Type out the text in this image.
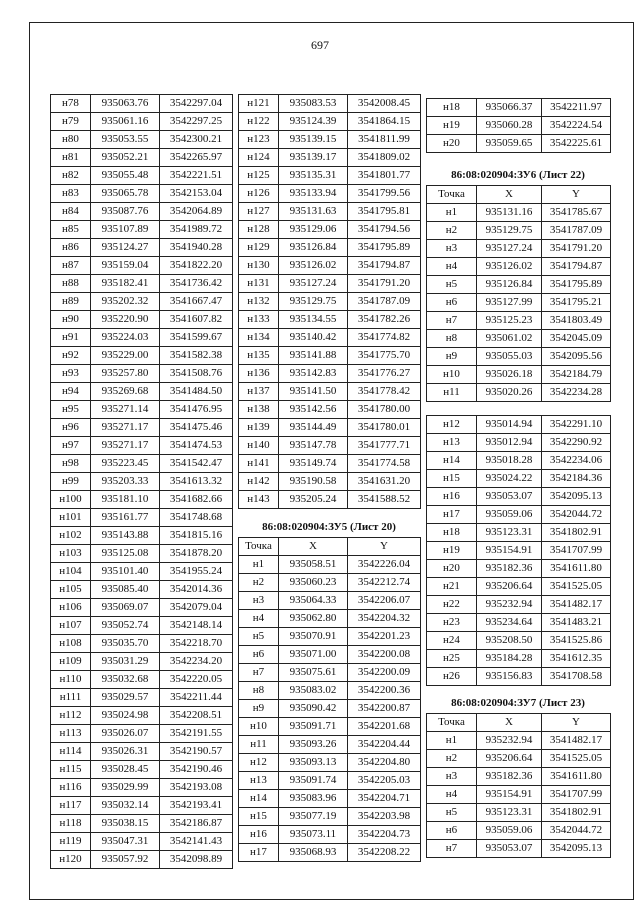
697
н78	935063.76	3542297.04
н79	935061.16	3542297.25
н80	935053.55	3542300.21
н81	935052.21	3542265.97
н82	935055.48	3542221.51
н83	935065.78	3542153.04
н84	935087.76	3542064.89
н85	935107.89	3541989.72
н86	935124.27	3541940.28
н87	935159.04	3541822.20
н88	935182.41	3541736.42
н89	935202.32	3541667.47
н90	935220.90	3541607.82
н91	935224.03	3541599.67
н92	935229.00	3541582.38
н93	935257.80	3541508.76
н94	935269.68	3541484.50
н95	935271.14	3541476.95
н96	935271.17	3541475.46
н97	935271.17	3541474.53
н98	935223.45	3541542.47
н99	935203.33	3541613.32
н100	935181.10	3541682.66
н101	935161.77	3541748.68
н102	935143.88	3541815.16
н103	935125.08	3541878.20
н104	935101.40	3541955.24
н105	935085.40	3542014.36
н106	935069.07	3542079.04
н107	935052.74	3542148.14
н108	935035.70	3542218.70
н109	935031.29	3542234.20
н110	935032.68	3542220.05
н111	935029.57	3542211.44
н112	935024.98	3542208.51
н113	935026.07	3542191.55
н114	935026.31	3542190.57
н115	935028.45	3542190.46
н116	935029.99	3542193.08
н117	935032.14	3542193.41
н118	935038.15	3542186.87
н119	935047.31	3542141.43
н120	935057.92	3542098.89
н121	935083.53	3542008.45
н122	935124.39	3541864.15
н123	935139.15	3541811.99
н124	935139.17	3541809.02
н125	935135.31	3541801.77
н126	935133.94	3541799.56
н127	935131.63	3541795.81
н128	935129.06	3541794.56
н129	935126.84	3541795.89
н130	935126.02	3541794.87
н131	935127.24	3541791.20
н132	935129.75	3541787.09
н133	935134.55	3541782.26
н134	935140.42	3541774.82
н135	935141.88	3541775.70
н136	935142.83	3541776.27
н137	935141.50	3541778.42
н138	935142.56	3541780.00
н139	935144.49	3541780.01
н140	935147.78	3541777.71
н141	935149.74	3541774.58
н142	935190.58	3541631.20
н143	935205.24	3541588.52
86:08:020904:ЗУ5 (Лист 20)
Точка	X	Y
н1	935058.51	3542226.04
н2	935060.23	3542212.74
н3	935064.33	3542206.07
н4	935062.80	3542204.32
н5	935070.91	3542201.23
н6	935071.00	3542200.08
н7	935075.61	3542200.09
н8	935083.02	3542200.36
н9	935090.42	3542200.87
н10	935091.71	3542201.68
н11	935093.26	3542204.44
н12	935093.13	3542204.80
н13	935091.74	3542205.03
н14	935083.96	3542204.71
н15	935077.19	3542203.98
н16	935073.11	3542204.73
н17	935068.93	3542208.22
н18	935066.37	3542211.97
н19	935060.28	3542224.54
н20	935059.65	3542225.61
86:08:020904:ЗУ6 (Лист 22)
Точка	X	Y
н1	935131.16	3541785.67
н2	935129.75	3541787.09
н3	935127.24	3541791.20
н4	935126.02	3541794.87
н5	935126.84	3541795.89
н6	935127.99	3541795.21
н7	935125.23	3541803.49
н8	935061.02	3542045.09
н9	935055.03	3542095.56
н10	935026.18	3542184.79
н11	935020.26	3542234.28
н12	935014.94	3542291.10
н13	935012.94	3542290.92
н14	935018.28	3542234.06
н15	935024.22	3542184.36
н16	935053.07	3542095.13
н17	935059.06	3542044.72
н18	935123.31	3541802.91
н19	935154.91	3541707.99
н20	935182.36	3541611.80
н21	935206.64	3541525.05
н22	935232.94	3541482.17
н23	935234.64	3541483.21
н24	935208.50	3541525.86
н25	935184.28	3541612.35
н26	935156.83	3541708.58
86:08:020904:ЗУ7 (Лист 23)
Точка	X	Y
н1	935232.94	3541482.17
н2	935206.64	3541525.05
н3	935182.36	3541611.80
н4	935154.91	3541707.99
н5	935123.31	3541802.91
н6	935059.06	3542044.72
н7	935053.07	3542095.13
